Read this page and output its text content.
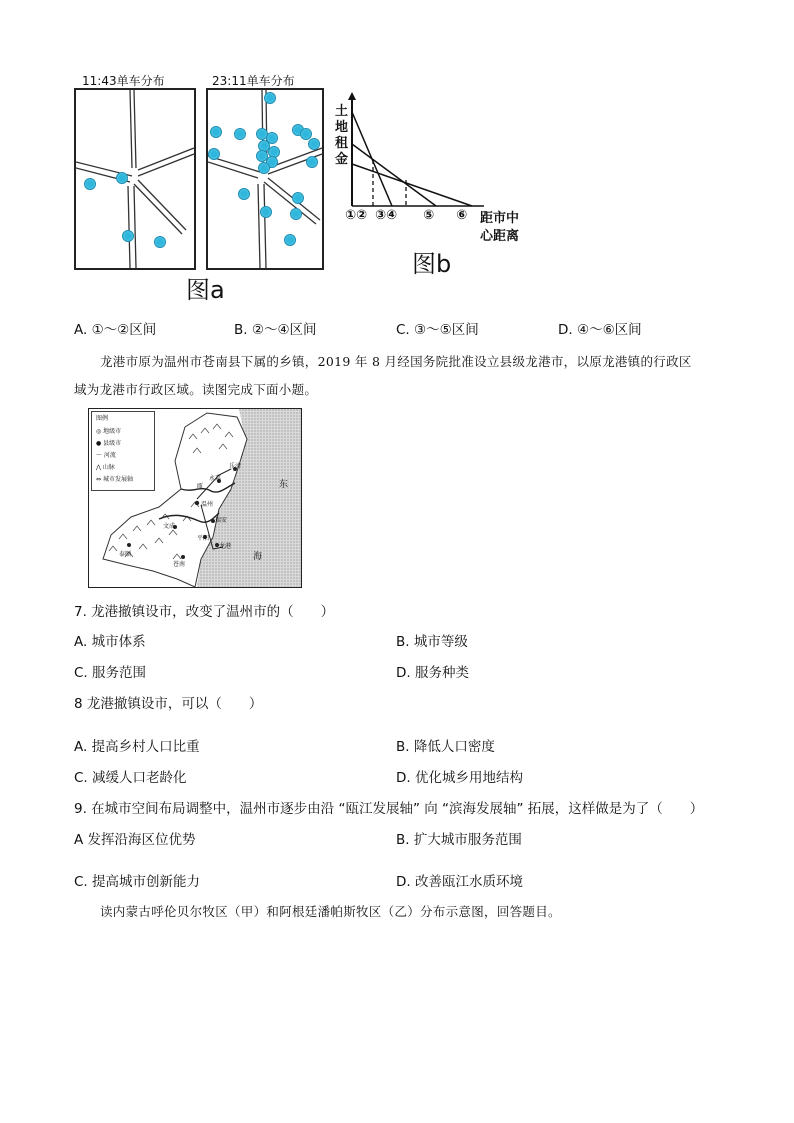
11:43单车分布	23:11单车分布
图a
土
地
租
金
①② ③④ ⑤ ⑥ 距市中
心距离
图b
A. ①～②区间	B. ②～④区间	C. ③～⑤区间	D. ④～⑥区间
龙港市原为温州市苍南县下属的乡镇，2019 年 8 月经国务院批准设立县级龙港市，以原龙港镇的行政区
域为龙港市行政区域。读图完成下面小题。
图例
◎ 地级市
● 县级市
〜 河流
⋀ 山脉
⇔ 城市发展轴	永嘉
乐清
瓯
温州
文成
瑞安
平阳
泰顺
苍南
龙港
东
海
7. 龙港撤镇设市，改变了温州市的（　　）
A. 城市体系	B. 城市等级
C. 服务范围	D. 服务种类
8 龙港撤镇设市，可以（　　）
A. 提高乡村人口比重	B. 降低人口密度
C. 减缓人口老龄化	D. 优化城乡用地结构
9. 在城市空间布局调整中，温州市逐步由沿 “瓯江发展轴” 向 “滨海发展轴” 拓展，这样做是为了（　　）
A 发挥沿海区位优势	B. 扩大城市服务范围
C. 提高城市创新能力	D. 改善瓯江水质环境
读内蒙古呼伦贝尔牧区（甲）和阿根廷潘帕斯牧区（乙）分布示意图，回答题目。
